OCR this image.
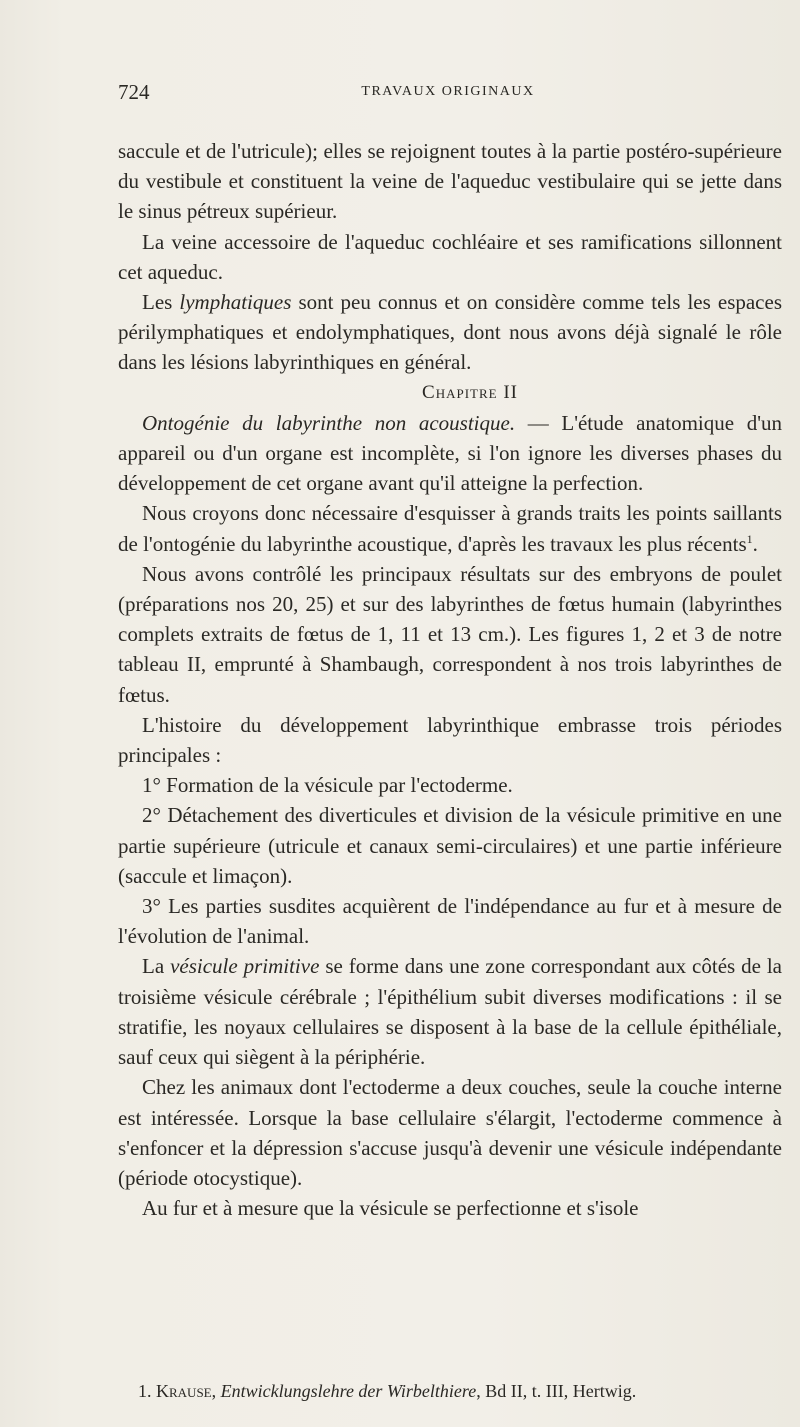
724	TRAVAUX ORIGINAUX

saccule et de l'utricule); elles se rejoignent toutes à la partie postéro-supérieure du vestibule et constituent la veine de l'aqueduc vestibulaire qui se jette dans le sinus pétreux supérieur.

La veine accessoire de l'aqueduc cochléaire et ses ramifications sillonnent cet aqueduc.

Les lymphatiques sont peu connus et on considère comme tels les espaces périlymphatiques et endolymphatiques, dont nous avons déjà signalé le rôle dans les lésions labyrinthiques en général.

Chapitre II

Ontogénie du labyrinthe non acoustique. — L'étude anatomique d'un appareil ou d'un organe est incomplète, si l'on ignore les diverses phases du développement de cet organe avant qu'il atteigne la perfection.

Nous croyons donc nécessaire d'esquisser à grands traits les points saillants de l'ontogénie du labyrinthe acoustique, d'après les travaux les plus récents$^1$.

Nous avons contrôlé les principaux résultats sur des embryons de poulet (préparations nos 20, 25) et sur des labyrinthes de fœtus humain (labyrinthes complets extraits de fœtus de 1, 11 et 13 cm.). Les figures 1, 2 et 3 de notre tableau II, emprunté à Shambaugh, correspondent à nos trois labyrinthes de fœtus.

L'histoire du développement labyrinthique embrasse trois périodes principales :

1° Formation de la vésicule par l'ectoderme.

2° Détachement des diverticules et division de la vésicule primitive en une partie supérieure (utricule et canaux semi-circulaires) et une partie inférieure (saccule et limaçon).

3° Les parties susdites acquièrent de l'indépendance au fur et à mesure de l'évolution de l'animal.

La vésicule primitive se forme dans une zone correspondant aux côtés de la troisième vésicule cérébrale ; l'épithélium subit diverses modifications : il se stratifie, les noyaux cellulaires se disposent à la base de la cellule épithéliale, sauf ceux qui siègent à la périphérie.

Chez les animaux dont l'ectoderme a deux couches, seule la couche interne est intéressée. Lorsque la base cellulaire s'élargit, l'ectoderme commence à s'enfoncer et la dépression s'accuse jusqu'à devenir une vésicule indépendante (période otocystique).

Au fur et à mesure que la vésicule se perfectionne et s'isole

1. Krause, Entwicklungslehre der Wirbelthiere, Bd II, t. III, Hertwig.
